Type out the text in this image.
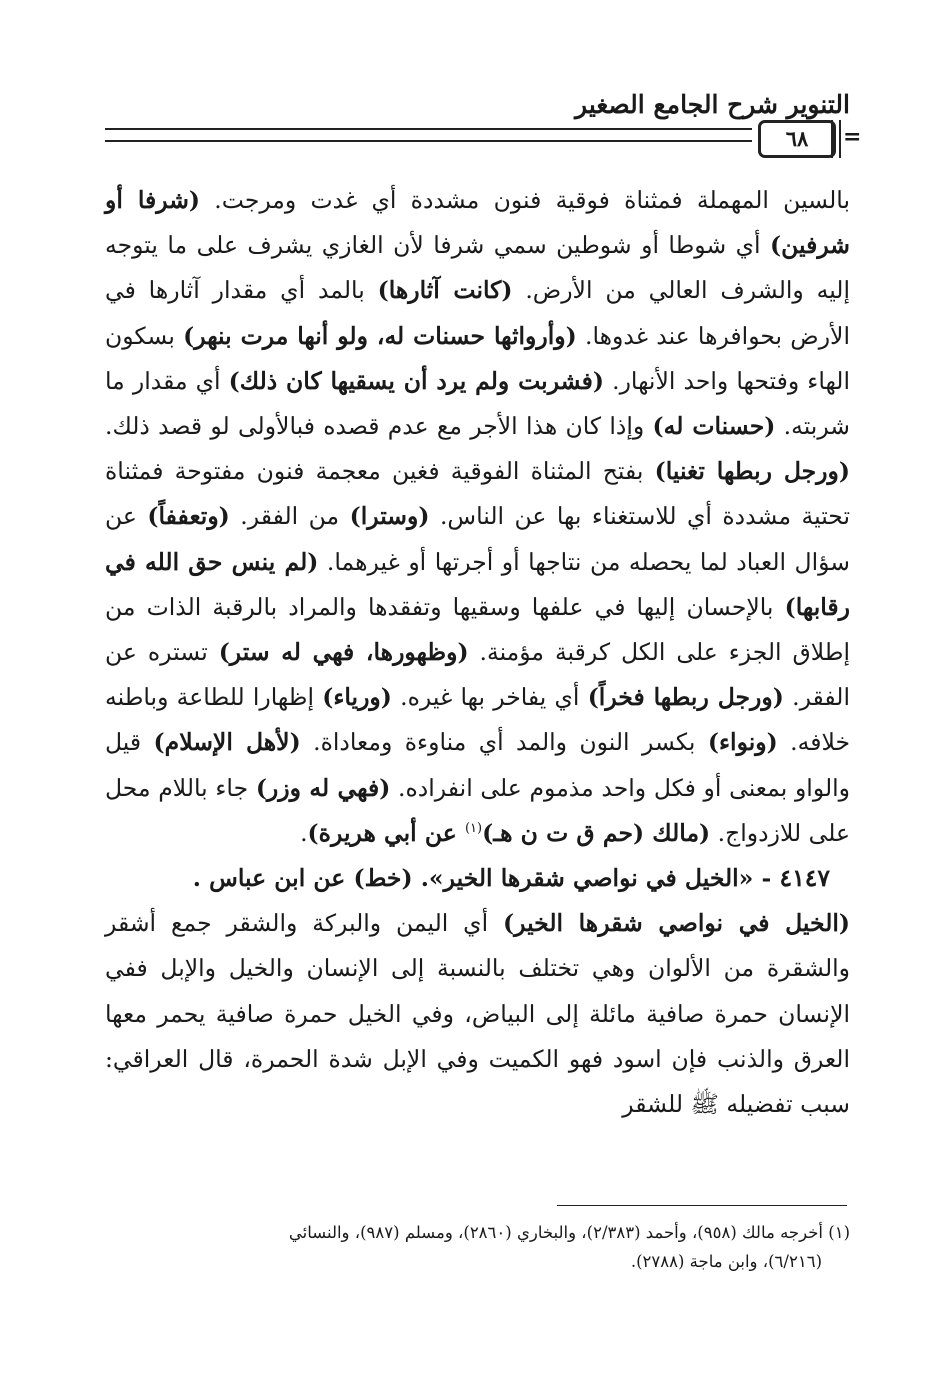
التنوير شرح الجامع الصغير
٦٨	=

بالسين المهملة فمثناة فوقية فنون مشددة أي غدت ومرجت. (شرفا أو شرفين) أي شوطا أو شوطين سمي شرفا لأن الغازي يشرف على ما يتوجه إليه والشرف العالي من الأرض. (كانت آثارها) بالمد أي مقدار آثارها في الأرض بحوافرها عند غدوها. (وأرواثها حسنات له، ولو أنها مرت بنهر) بسكون الهاء وفتحها واحد الأنهار. (فشربت ولم يرد أن يسقيها كان ذلك) أي مقدار ما شربته. (حسنات له) وإذا كان هذا الأجر مع عدم قصده فبالأولى لو قصد ذلك. (ورجل ربطها تغنيا) بفتح المثناة الفوقية فغين معجمة فنون مفتوحة فمثناة تحتية مشددة أي للاستغناء بها عن الناس. (وسترا) من الفقر. (وتعففاً) عن سؤال العباد لما يحصله من نتاجها أو أجرتها أو غيرهما. (لم ينس حق الله في رقابها) بالإحسان إليها في علفها وسقيها وتفقدها والمراد بالرقبة الذات من إطلاق الجزء على الكل كرقبة مؤمنة. (وظهورها، فهي له ستر) تستره عن الفقر. (ورجل ربطها فخراً) أي يفاخر بها غيره. (ورياء) إظهارا للطاعة وباطنه خلافه. (ونواء) بكسر النون والمد أي مناوءة ومعاداة. (لأهل الإسلام) قيل والواو بمعنى أو فكل واحد مذموم على انفراده. (فهي له وزر) جاء باللام محل على للازدواج. (مالك (حم ق ت ن هـ)$^{(١)}$ عن أبي هريرة).

٤١٤٧ - «الخيل في نواصي شقرها الخير». (خط) عن ابن عباس .

(الخيل في نواصي شقرها الخير) أي اليمن والبركة والشقر جمع أشقر والشقرة من الألوان وهي تختلف بالنسبة إلى الإنسان والخيل والإبل ففي الإنسان حمرة صافية مائلة إلى البياض، وفي الخيل حمرة صافية يحمر معها العرق والذنب فإن اسود فهو الكميت وفي الإبل شدة الحمرة، قال العراقي: سبب تفضيله ﷺ للشقر

(١) أخرجه مالك (٩٥٨)، وأحمد (٢/٣٨٣)، والبخاري (٢٨٦٠)، ومسلم (٩٨٧)، والنسائي

(٦/٢١٦)، وابن ماجة (٢٧٨٨).
